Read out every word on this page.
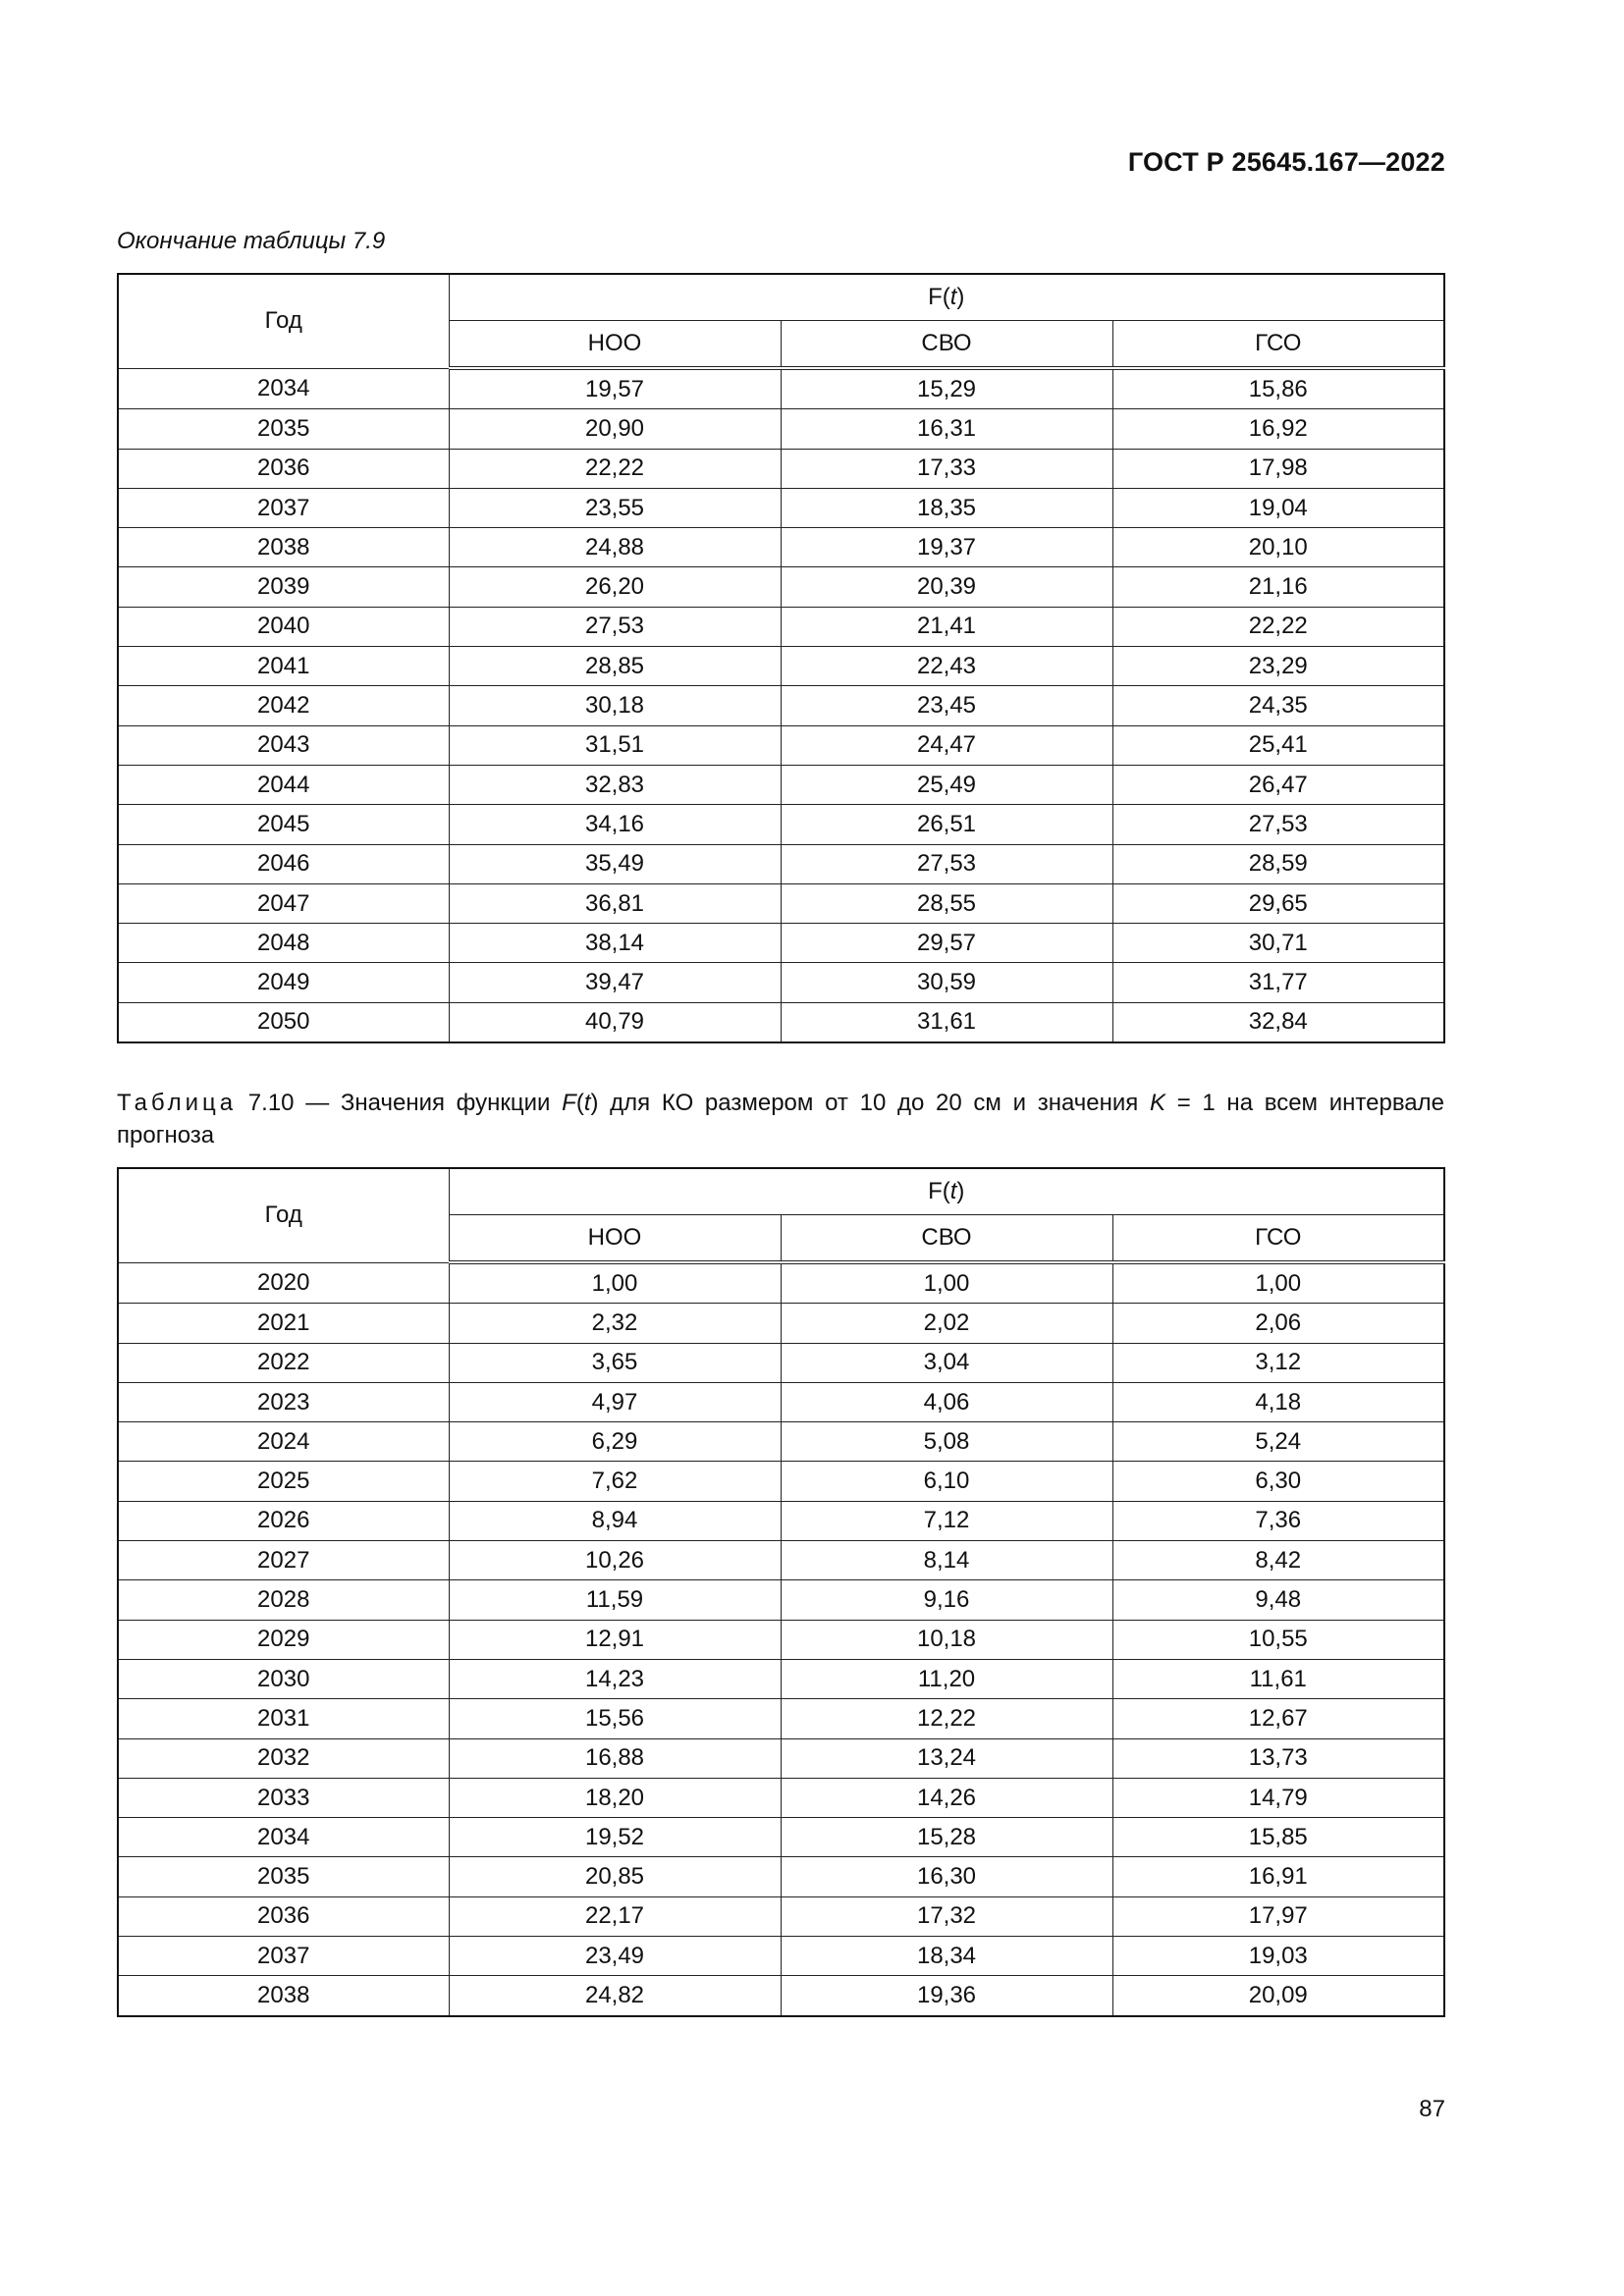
ГОСТ Р 25645.167—2022
Окончание таблицы 7.9
Год	F(t)		
	НОО	СВО	ГСО
2034	19,57	15,29	15,86
2035	20,90	16,31	16,92
2036	22,22	17,33	17,98
2037	23,55	18,35	19,04
2038	24,88	19,37	20,10
2039	26,20	20,39	21,16
2040	27,53	21,41	22,22
2041	28,85	22,43	23,29
2042	30,18	23,45	24,35
2043	31,51	24,47	25,41
2044	32,83	25,49	26,47
2045	34,16	26,51	27,53
2046	35,49	27,53	28,59
2047	36,81	28,55	29,65
2048	38,14	29,57	30,71
2049	39,47	30,59	31,77
2050	40,79	31,61	32,84
Таблица 7.10 — Значения функции F(t) для КО размером от 10 до 20 см и значения K = 1 на всем интервале прогноза
Год	F(t)		
	НОО	СВО	ГСО
2020	1,00	1,00	1,00
2021	2,32	2,02	2,06
2022	3,65	3,04	3,12
2023	4,97	4,06	4,18
2024	6,29	5,08	5,24
2025	7,62	6,10	6,30
2026	8,94	7,12	7,36
2027	10,26	8,14	8,42
2028	11,59	9,16	9,48
2029	12,91	10,18	10,55
2030	14,23	11,20	11,61
2031	15,56	12,22	12,67
2032	16,88	13,24	13,73
2033	18,20	14,26	14,79
2034	19,52	15,28	15,85
2035	20,85	16,30	16,91
2036	22,17	17,32	17,97
2037	23,49	18,34	19,03
2038	24,82	19,36	20,09
87
